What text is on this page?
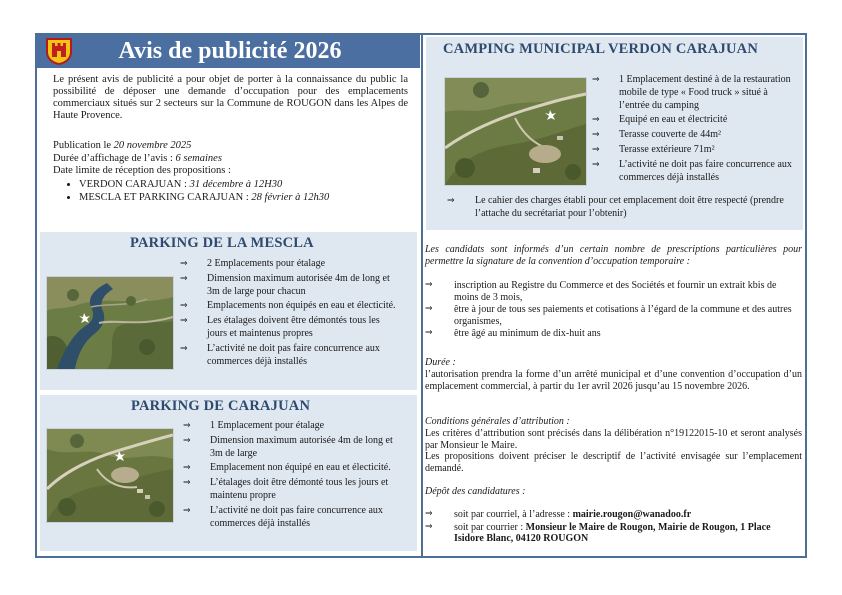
Avis de publicité 2026

Le présent avis de publicité a pour objet de porter à la connaissance du public la possibilité de déposer une demande d’occupation pour des emplacements commerciaux situés sur 2 secteurs sur la Commune de ROUGON dans les Alpes de Haute Provence.

Publication le 20 novembre 2025
Durée d’affichage de l’avis : 6 semaines
Date limite de réception des propositions :
• VERDON CARAJUAN : 31 décembre à 12H30
• MESCLA ET PARKING CARAJUAN : 28 février à 12h30
PARKING DE LA MESCLA
⇒ 2 Emplacements pour étalage
⇒ Dimension maximum autorisée 4m de long et 3m de large pour chacun
⇒ Emplacements non équipés en eau et électicité.
⇒ Les étalages doivent être démontés tous les jours et maintenus propres
⇒ L’activité ne doit pas faire concurrence aux commerces déjà installés
PARKING DE CARAJUAN
⇒ 1 Emplacement pour étalage
⇒ Dimension maximum autorisée 4m de long et 3m de large
⇒ Emplacement non équipé en eau et électicité.
⇒ L’étalages doit être démonté tous les jours et maintenu propre
⇒ L’activité ne doit pas faire concurrence aux commerces déjà installés
CAMPING MUNICIPAL VERDON CARAJUAN
⇒ 1 Emplacement destiné à de la restauration mobile de type « Food truck » situé à l’entrée du camping
⇒ Equipé en eau et électricité
⇒ Terasse couverte de 44m²
⇒ Terasse extérieure 71m²
⇒ L’activité ne doit pas faire concurrence aux commerces déjà installés
⇒	Le cahier des charges établi pour cet emplacement doit être respecté (prendre l’attache du secrétariat pour l’obtenir)

Les candidats sont informés d’un certain nombre de prescriptions particulières pour permettre la signature de la convention d’occupation temporaire :

⇒ inscription au Registre du Commerce et des Sociétés et fournir un extrait kbis de moins de 3 mois,
⇒ être à jour de tous ses paiements et cotisations à l’égard de la commune et des autres organismes,
⇒ être âgé au minimum de dix-huit ans

Durée :

l’autorisation prendra la forme d’un arrêté municipal et d’une convention d’occupation d’un emplacement commercial, à partir du 1er avril 2026 jusqu’au 15 novembre 2026.

Conditions générales d’attribution :

Les critères d’attribution sont précisés dans la délibération n°19122015-10 et seront analysés par Monsieur le Maire.

Les propositions doivent préciser le descriptif de l’activité envisagée sur l’emplacement demandé.

Dépôt des candidatures :

⇒ soit par courriel, à l’adresse : mairie.rougon@wanadoo.fr
⇒ soit par courrier : Monsieur le Maire de Rougon, Mairie de Rougon, 1 Place Isidore Blanc, 04120 ROUGON
